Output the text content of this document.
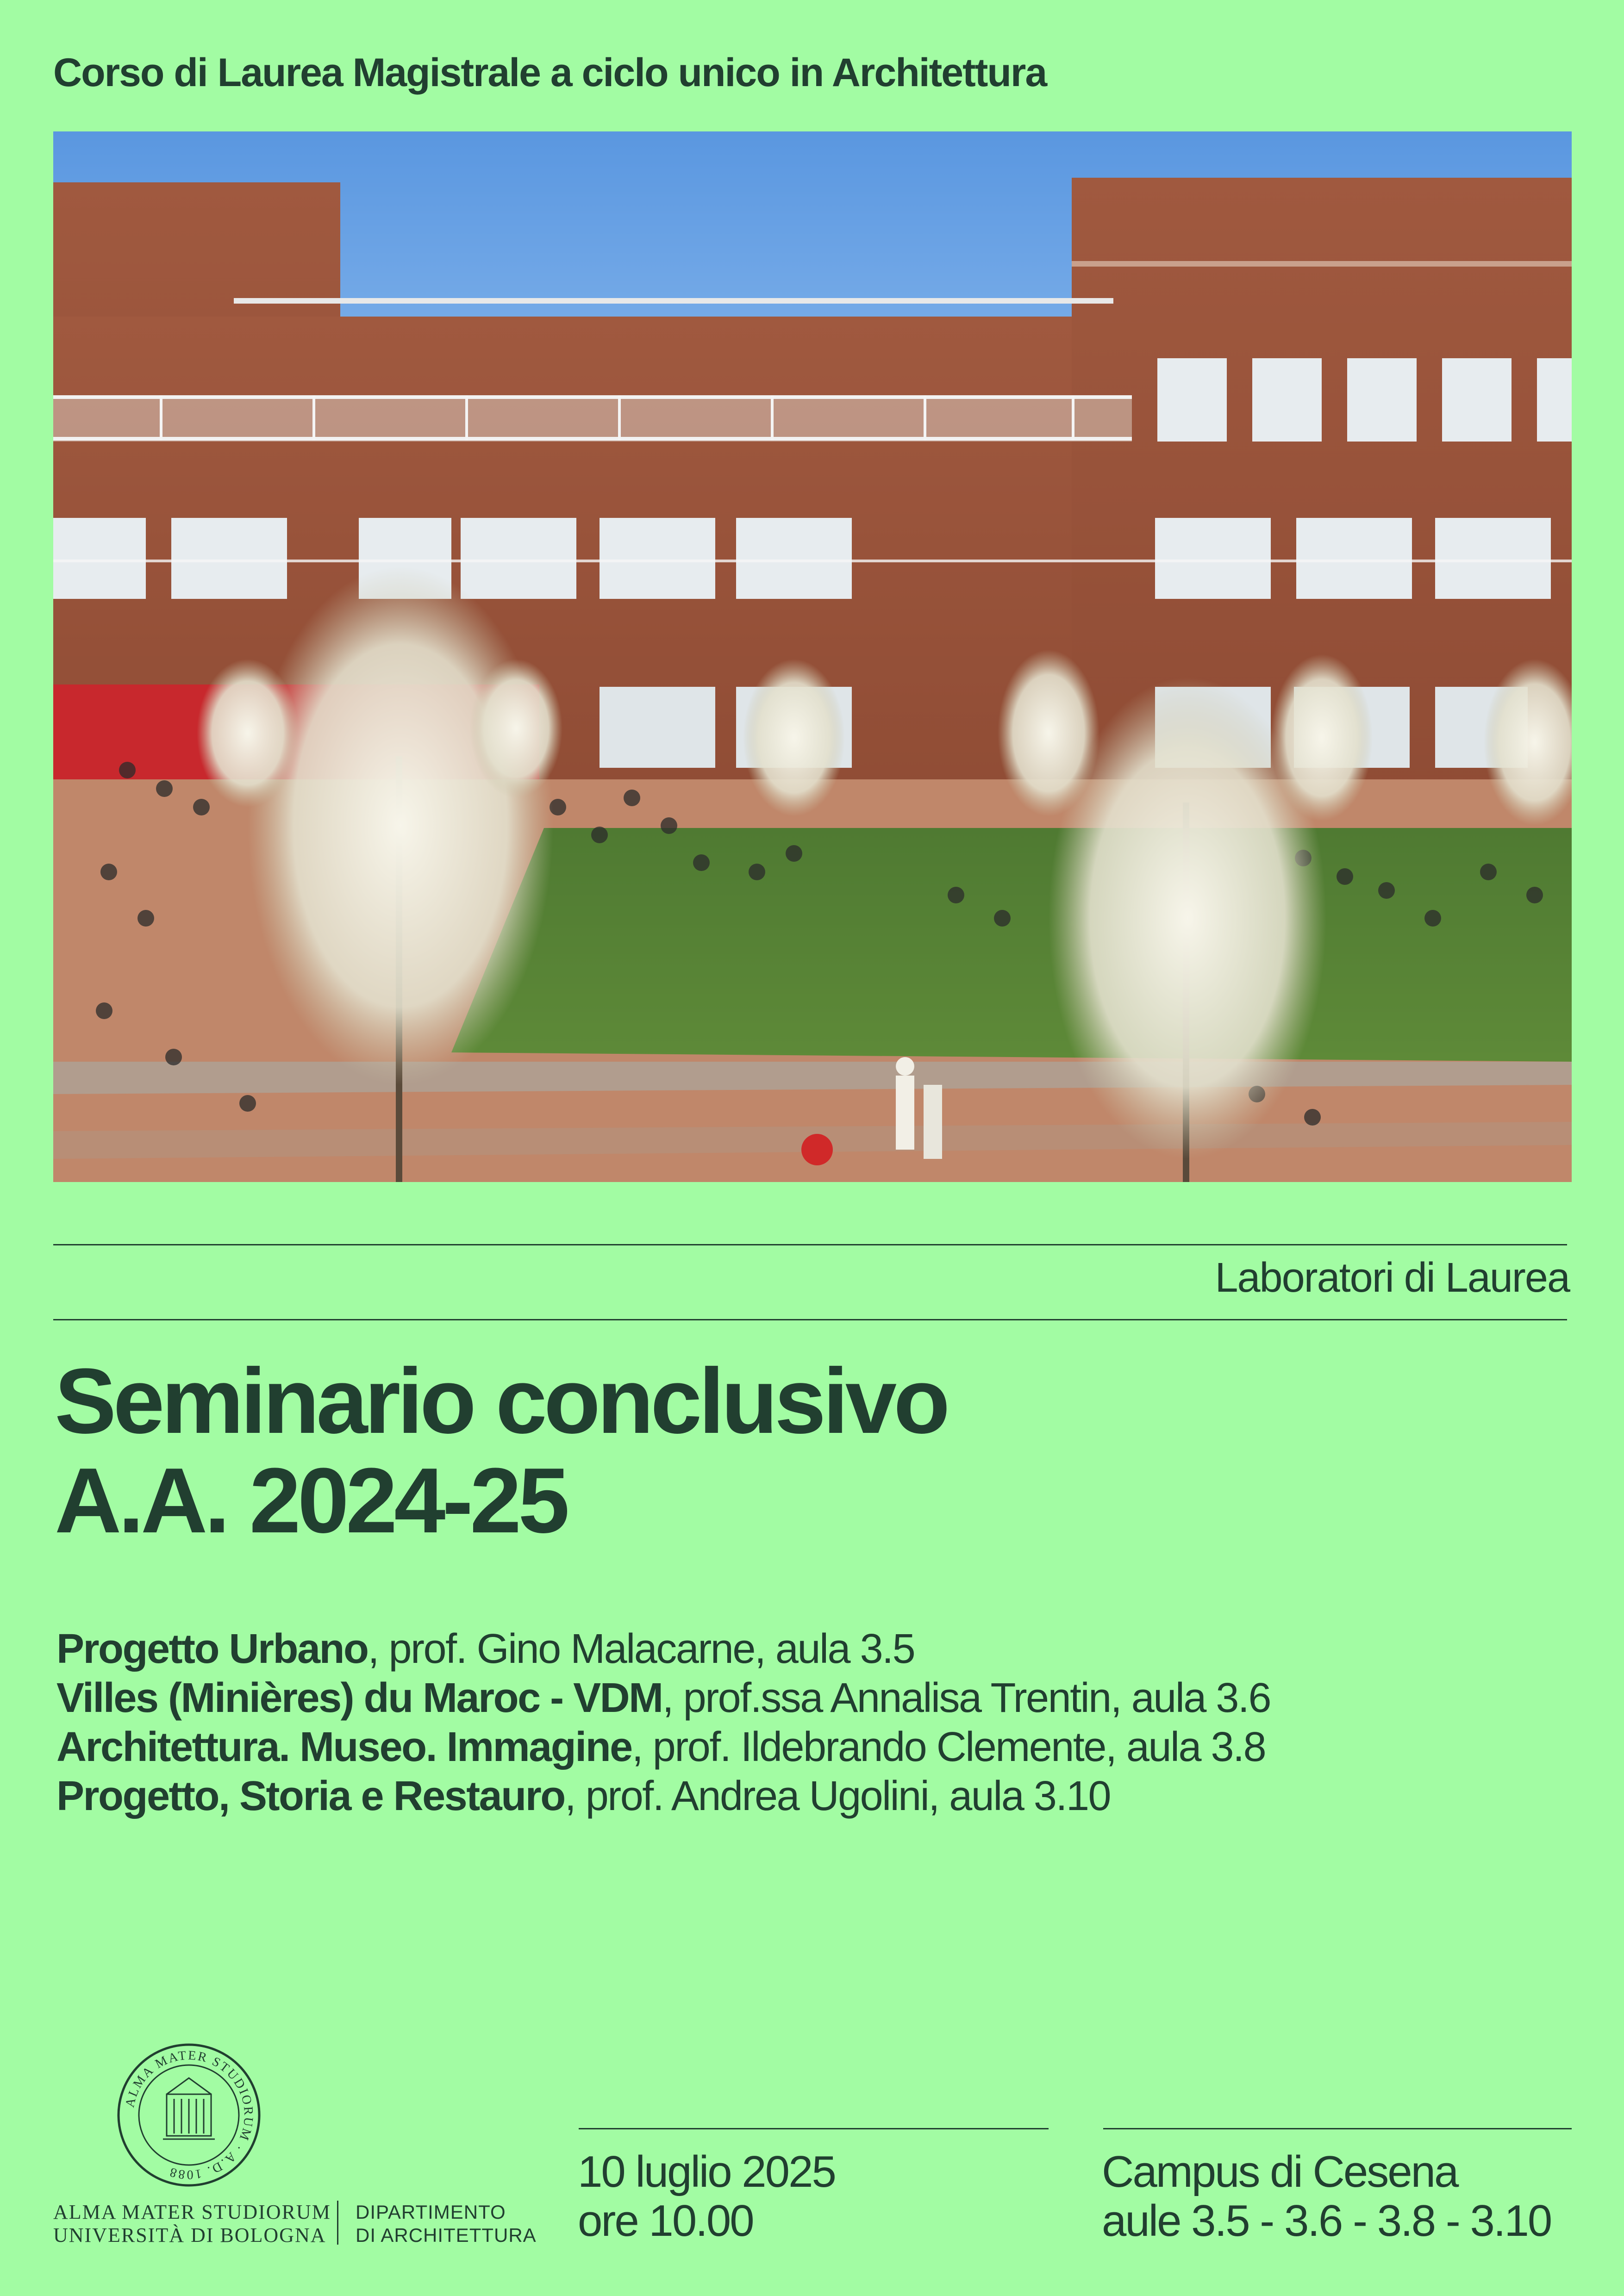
Corso di Laurea Magistrale a ciclo unico in Architettura
Laboratori di Laurea
Seminario conclusivo
A.A. 2024-25
Progetto Urbano, prof. Gino Malacarne, aula 3.5
Villes (Minières) du Maroc - VDM, prof.ssa Annalisa Trentin, aula 3.6
Architettura. Museo. Immagine, prof. Ildebrando Clemente, aula 3.8
Progetto, Storia e Restauro, prof. Andrea Ugolini, aula 3.10
ALMA MATER STUDIORUM · A.D. 1088
ALMA MATER STUDIORUM
UNIVERSITÀ DI BOLOGNA
DIPARTIMENTO
DI ARCHITETTURA
10 luglio 2025
ore 10.00
Campus di Cesena
aule 3.5 - 3.6 - 3.8 - 3.10
